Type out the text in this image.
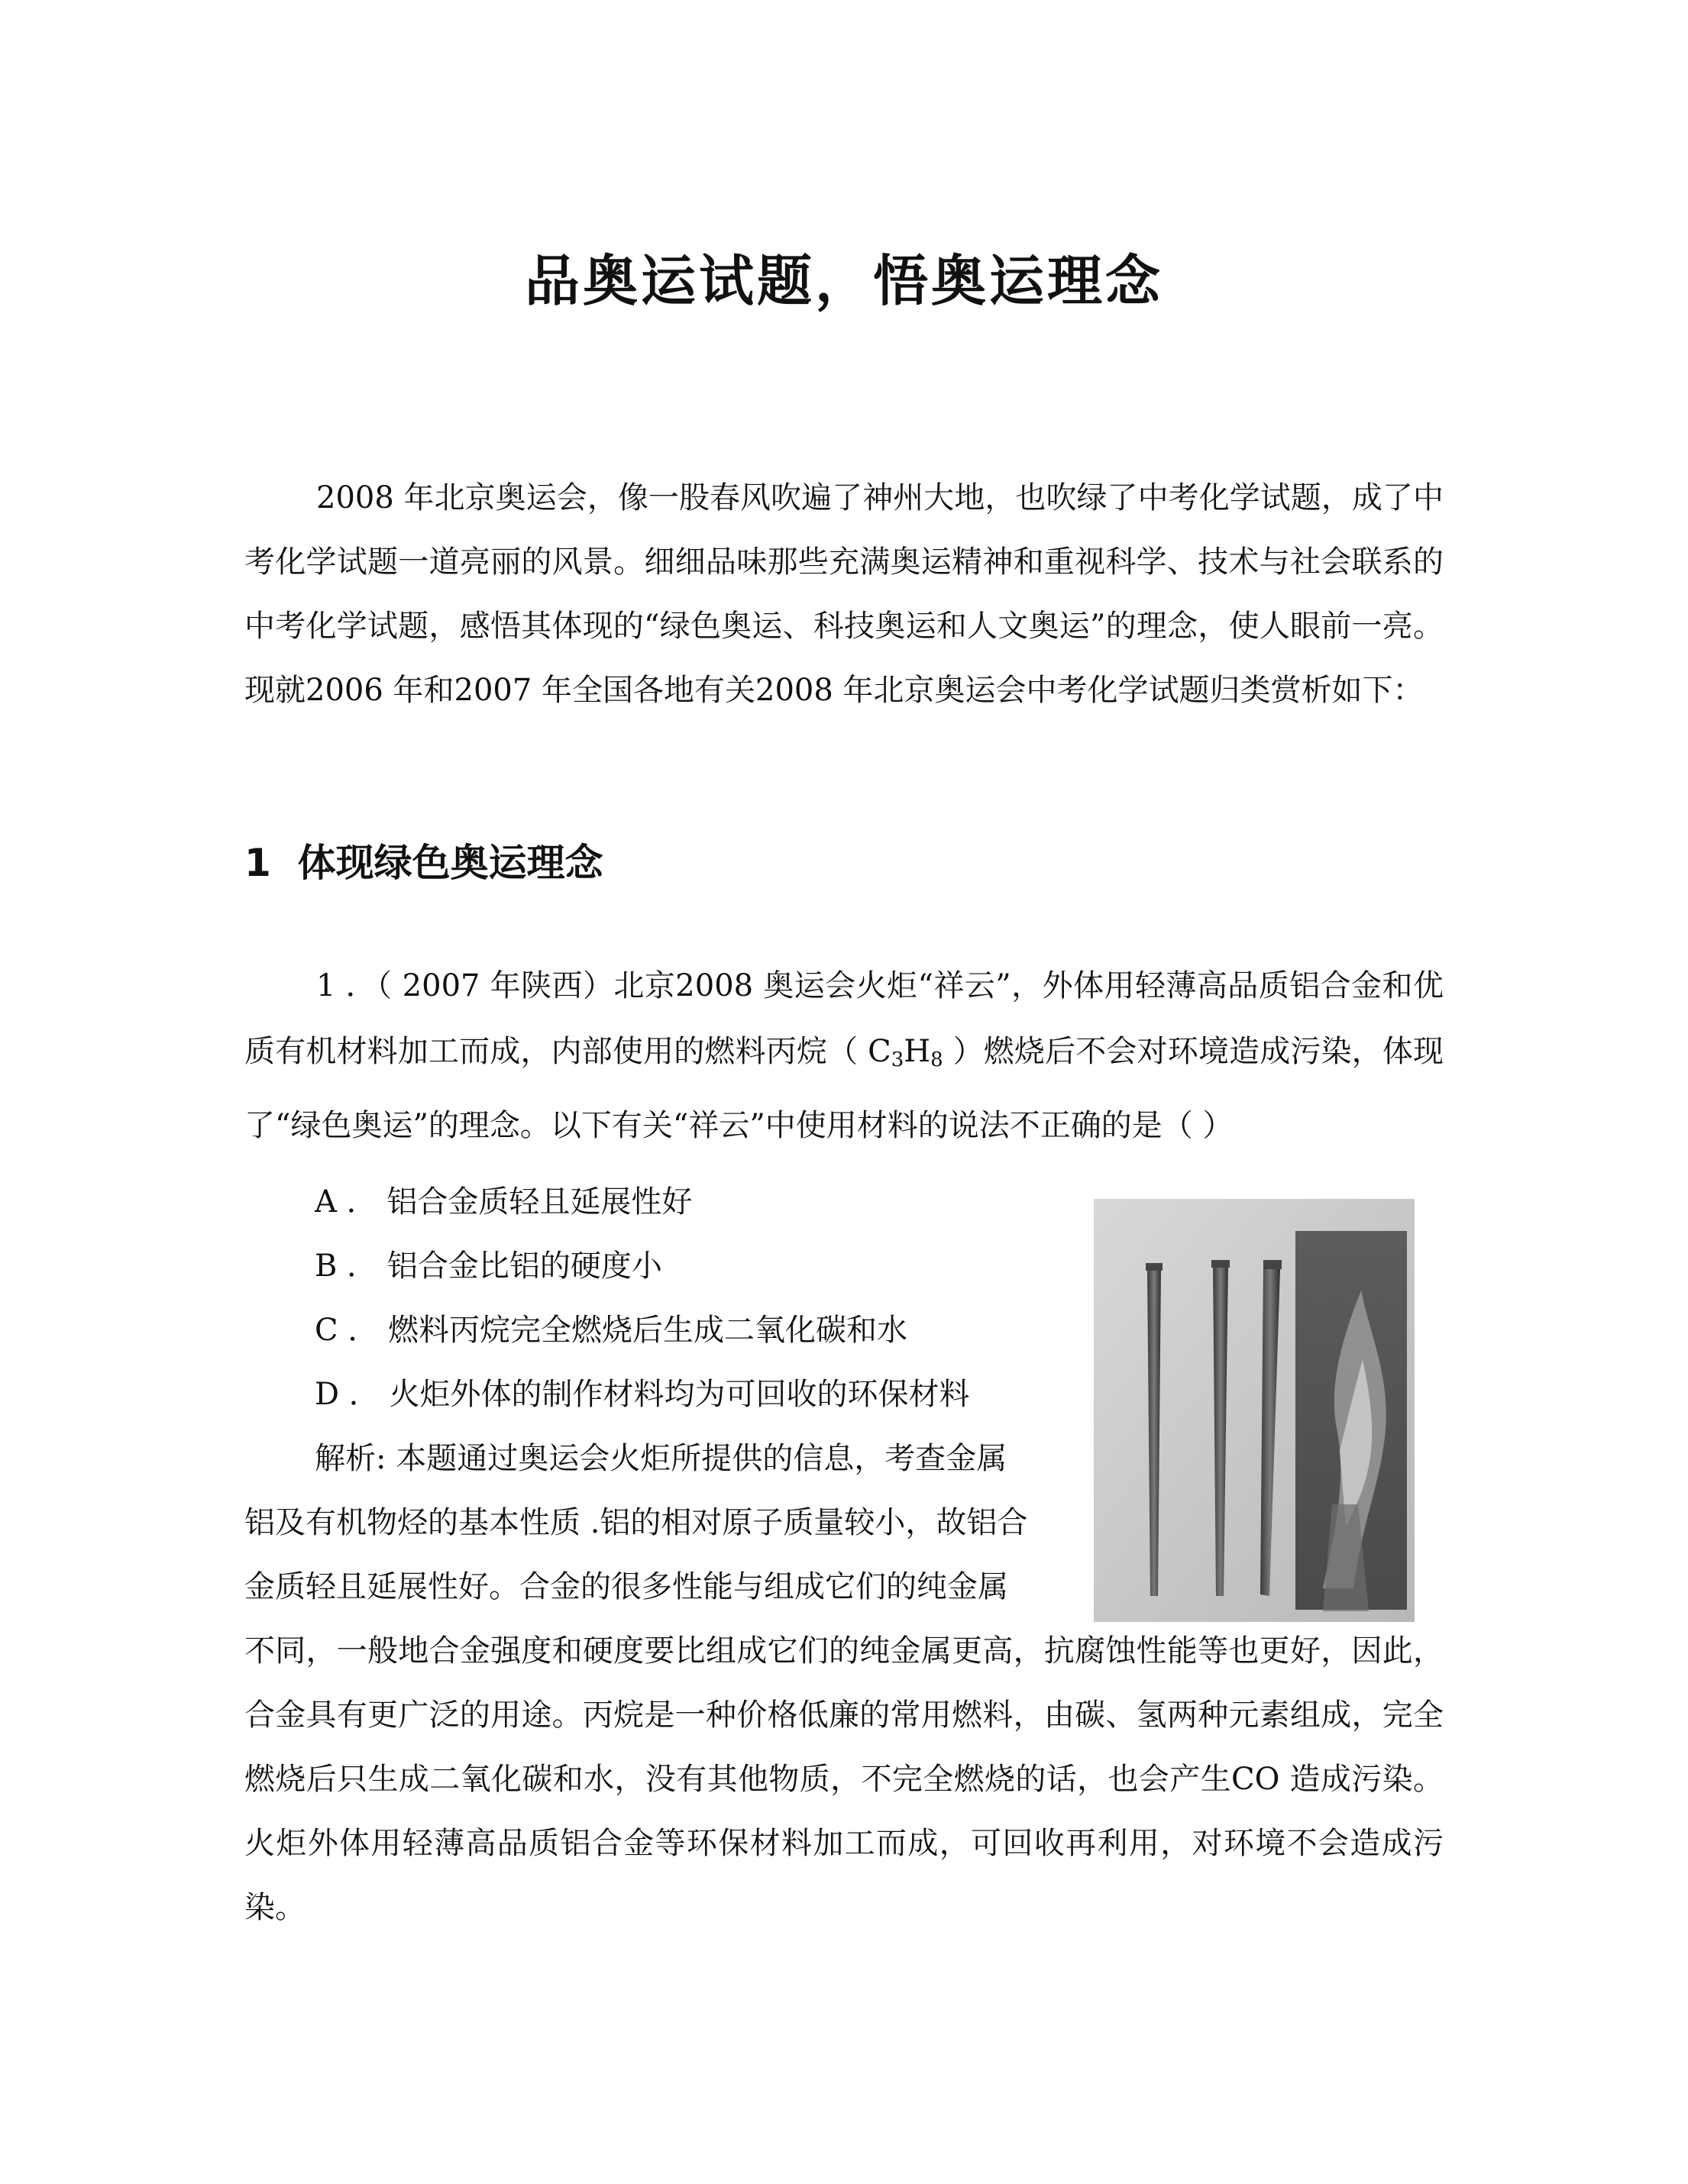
品奥运试题，悟奥运理念

2008 年北京奥运会，像一股春风吹遍了神州大地，也吹绿了中考化学试题，成了中考化学试题一道亮丽的风景。细细品味那些充满奥运精神和重视科学、技术与社会联系的中考化学试题，感悟其体现的“绿色奥运、科技奥运和人文奥运”的理念，使人眼前一亮。现就2006 年和2007 年全国各地有关2008 年北京奥运会中考化学试题归类赏析如下：

1 体现绿色奥运理念

1 ．（ 2007 年陕西）北京2008 奥运会火炬“祥云”，外体用轻薄高品质铝合金和优质有机材料加工而成，内部使用的燃料丙烷（ $C_3H_8$ ）燃烧后不会对环境造成污染，体现了“绿色奥运”的理念。以下有关“祥云”中使用材料的说法不正确的是（ ）

A ． 铝合金质轻且延展性好
B ． 铝合金比铝的硬度小
C ． 燃料丙烷完全燃烧后生成二氧化碳和水
D ． 火炬外体的制作材料均为可回收的环保材料

解析: 本题通过奥运会火炬所提供的信息，考查金属

铝及有机物烃的基本性质 .铝的相对原子质量较小，故铝合

金质轻且延展性好。合金的很多性能与组成它们的纯金属

不同，一般地合金强度和硬度要比组成它们的纯金属更高，抗腐蚀性能等也更好，因此，合金具有更广泛的用途。丙烷是一种价格低廉的常用燃料，由碳、氢两种元素组成，完全燃烧后只生成二氧化碳和水，没有其他物质，不完全燃烧的话，也会产生CO 造成污染。火炬外体用轻薄高品质铝合金等环保材料加工而成，可回收再利用，对环境不会造成污染。
